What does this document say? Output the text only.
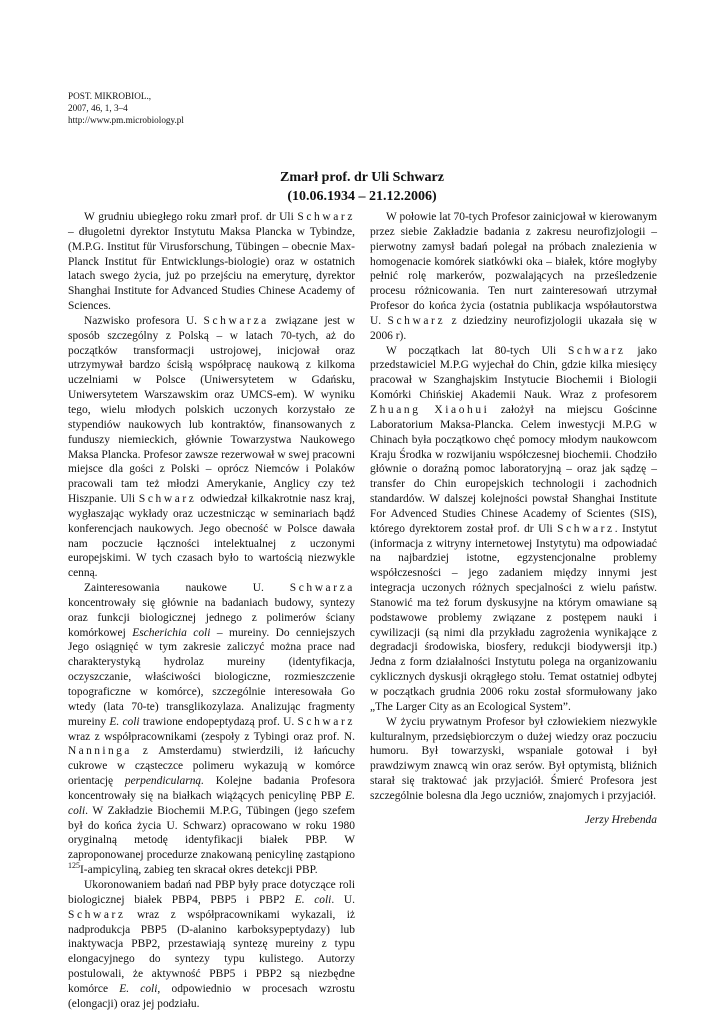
POST. MIKROBIOL.,
2007, 46, 1, 3–4
http://www.pm.microbiology.pl
Zmarł prof. dr Uli Schwarz
(10.06.1934 – 21.12.2006)

W grudniu ubiegłego roku zmarł prof. dr Uli Schwarz – długoletni dyrektor Instytutu Maksa Plancka w Tybindze, (M.P.G. Institut für Virusforschung, Tübingen – obecnie Max-Planck Institut für Entwicklungs-biologie) oraz w ostatnich latach swego życia, już po przejściu na emeryturę, dyrektor Shanghai Institute for Advanced Studies Chinese Academy of Sciences.

Nazwisko profesora U. Schwarza związane jest w sposób szczególny z Polską – w latach 70-tych, aż do początków transformacji ustrojowej, inicjował oraz utrzymywał bardzo ścisłą współpracę naukową z kilkoma uczelniami w Polsce (Uniwersytetem w Gdańsku, Uniwersytetem Warszawskim oraz UMCS-em). W wyniku tego, wielu młodych polskich uczonych korzystało ze stypendiów naukowych lub kontraktów, finansowanych z funduszy niemieckich, głównie Towarzystwa Naukowego Maksa Plancka. Profesor zawsze rezerwował w swej pracowni miejsce dla gości z Polski – oprócz Niemców i Polaków pracowali tam też młodzi Amerykanie, Anglicy czy też Hiszpanie. Uli Schwarz odwiedzał kilkakrotnie nasz kraj, wygłaszając wykłady oraz uczestnicząc w seminariach bądź konferencjach naukowych. Jego obecność w Polsce dawała nam poczucie łączności intelektualnej z uczonymi europejskimi. W tych czasach było to wartością niezwykle cenną.

Zainteresowania naukowe U. Schwarza koncentrowały się głównie na badaniach budowy, syntezy oraz funkcji biologicznej jednego z polimerów ściany komórkowej Escherichia coli – mureiny. Do cenniejszych Jego osiągnięć w tym zakresie zaliczyć można prace nad charakterystyką hydrolaz mureiny (identyfikacja, oczyszczanie, właściwości biologiczne, rozmieszczenie topograficzne w komórce), szczególnie interesowała Go wtedy (lata 70-te) transglikozylaza. Analizując fragmenty mureiny E. coli trawione endopeptydazą prof. U. Schwarz wraz z współpracownikami (zespoły z Tybingi oraz prof. N. Nanninga z Amsterdamu) stwierdzili, iż łańcuchy cukrowe w cząsteczce polimeru wykazują w komórce orientację perpendicularną. Kolejne badania Profesora koncentrowały się na białkach wiążących penicylinę PBP E. coli. W Zakładzie Biochemii M.P.G, Tübingen (jego szefem był do końca życia U. Schwarz) opracowano w roku 1980 oryginalną metodę identyfikacji białek PBP. W zaproponowanej procedurze znakowaną penicylinę zastąpiono $^{125}$I-ampicyliną, zabieg ten skracał okres detekcji PBP.

Ukoronowaniem badań nad PBP były prace dotyczące roli biologicznej białek PBP4, PBP5 i PBP2 E. coli. U. Schwarz wraz z współpracownikami wykazali, iż nadprodukcja PBP5 (D-alanino karboksypeptydazy) lub inaktywacja PBP2, przestawiają syntezę mureiny z typu elongacyjnego do syntezy typu kulistego. Autorzy postulowali, że aktywność PBP5 i PBP2 są niezbędne komórce E. coli, odpowiednio w procesach wzrostu (elongacji) oraz jej podziału.

W połowie lat 70-tych Profesor zainicjował w kierowanym przez siebie Zakładzie badania z zakresu neurofizjologii – pierwotny zamysł badań polegał na próbach znalezienia w homogenacie komórek siatkówki oka – białek, które mogłyby pełnić rolę markerów, pozwalających na prześledzenie procesu różnicowania. Ten nurt zainteresowań utrzymał Profesor do końca życia (ostatnia publikacja współautorstwa U. Schwarz z dziedziny neurofizjologii ukazała się w 2006 r).

W początkach lat 80-tych Uli Schwarz jako przedstawiciel M.P.G wyjechał do Chin, gdzie kilka miesięcy pracował w Szanghajskim Instytucie Biochemii i Biologii Komórki Chińskiej Akademii Nauk. Wraz z profesorem Zhuang Xiaohui założył na miejscu Gościnne Laboratorium Maksa-Plancka. Celem inwestycji M.P.G w Chinach była początkowo chęć pomocy młodym naukowcom Kraju Środka w rozwijaniu współczesnej biochemii. Chodziło głównie o doraźną pomoc laboratoryjną – oraz jak sądzę – transfer do Chin europejskich technologii i zachodnich standardów. W dalszej kolejności powstał Shanghai Institute For Advenced Studies Chinese Academy of Scientes (SIS), którego dyrektorem został prof. dr Uli Schwarz. Instytut (informacja z witryny internetowej Instytytu) ma odpowiadać na najbardziej istotne, egzystencjonalne problemy współczesności – jego zadaniem między innymi jest integracja uczonych różnych specjalności z wielu państw. Stanowić ma też forum dyskusyjne na którym omawiane są podstawowe problemy związane z postępem nauki i cywilizacji (są nimi dla przykładu zagrożenia wynikające z degradacji środowiska, biosfery, redukcji biodywersji itp.) Jedna z form działalności Instytutu polega na organizowaniu cyklicznych dyskusji okrągłego stołu. Temat ostatniej odbytej w początkach grudnia 2006 roku został sformułowany jako „The Larger City as an Ecological System”.

W życiu prywatnym Profesor był człowiekiem niezwykle kulturalnym, przedsiębiorczym o dużej wiedzy oraz poczuciu humoru. Był towarzyski, wspaniale gotował i był prawdziwym znawcą win oraz serów. Był optymistą, bliźnich starał się traktować jak przyjaciół. Śmierć Profesora jest szczególnie bolesna dla Jego uczniów, znajomych i przyjaciół.

Jerzy Hrebenda
